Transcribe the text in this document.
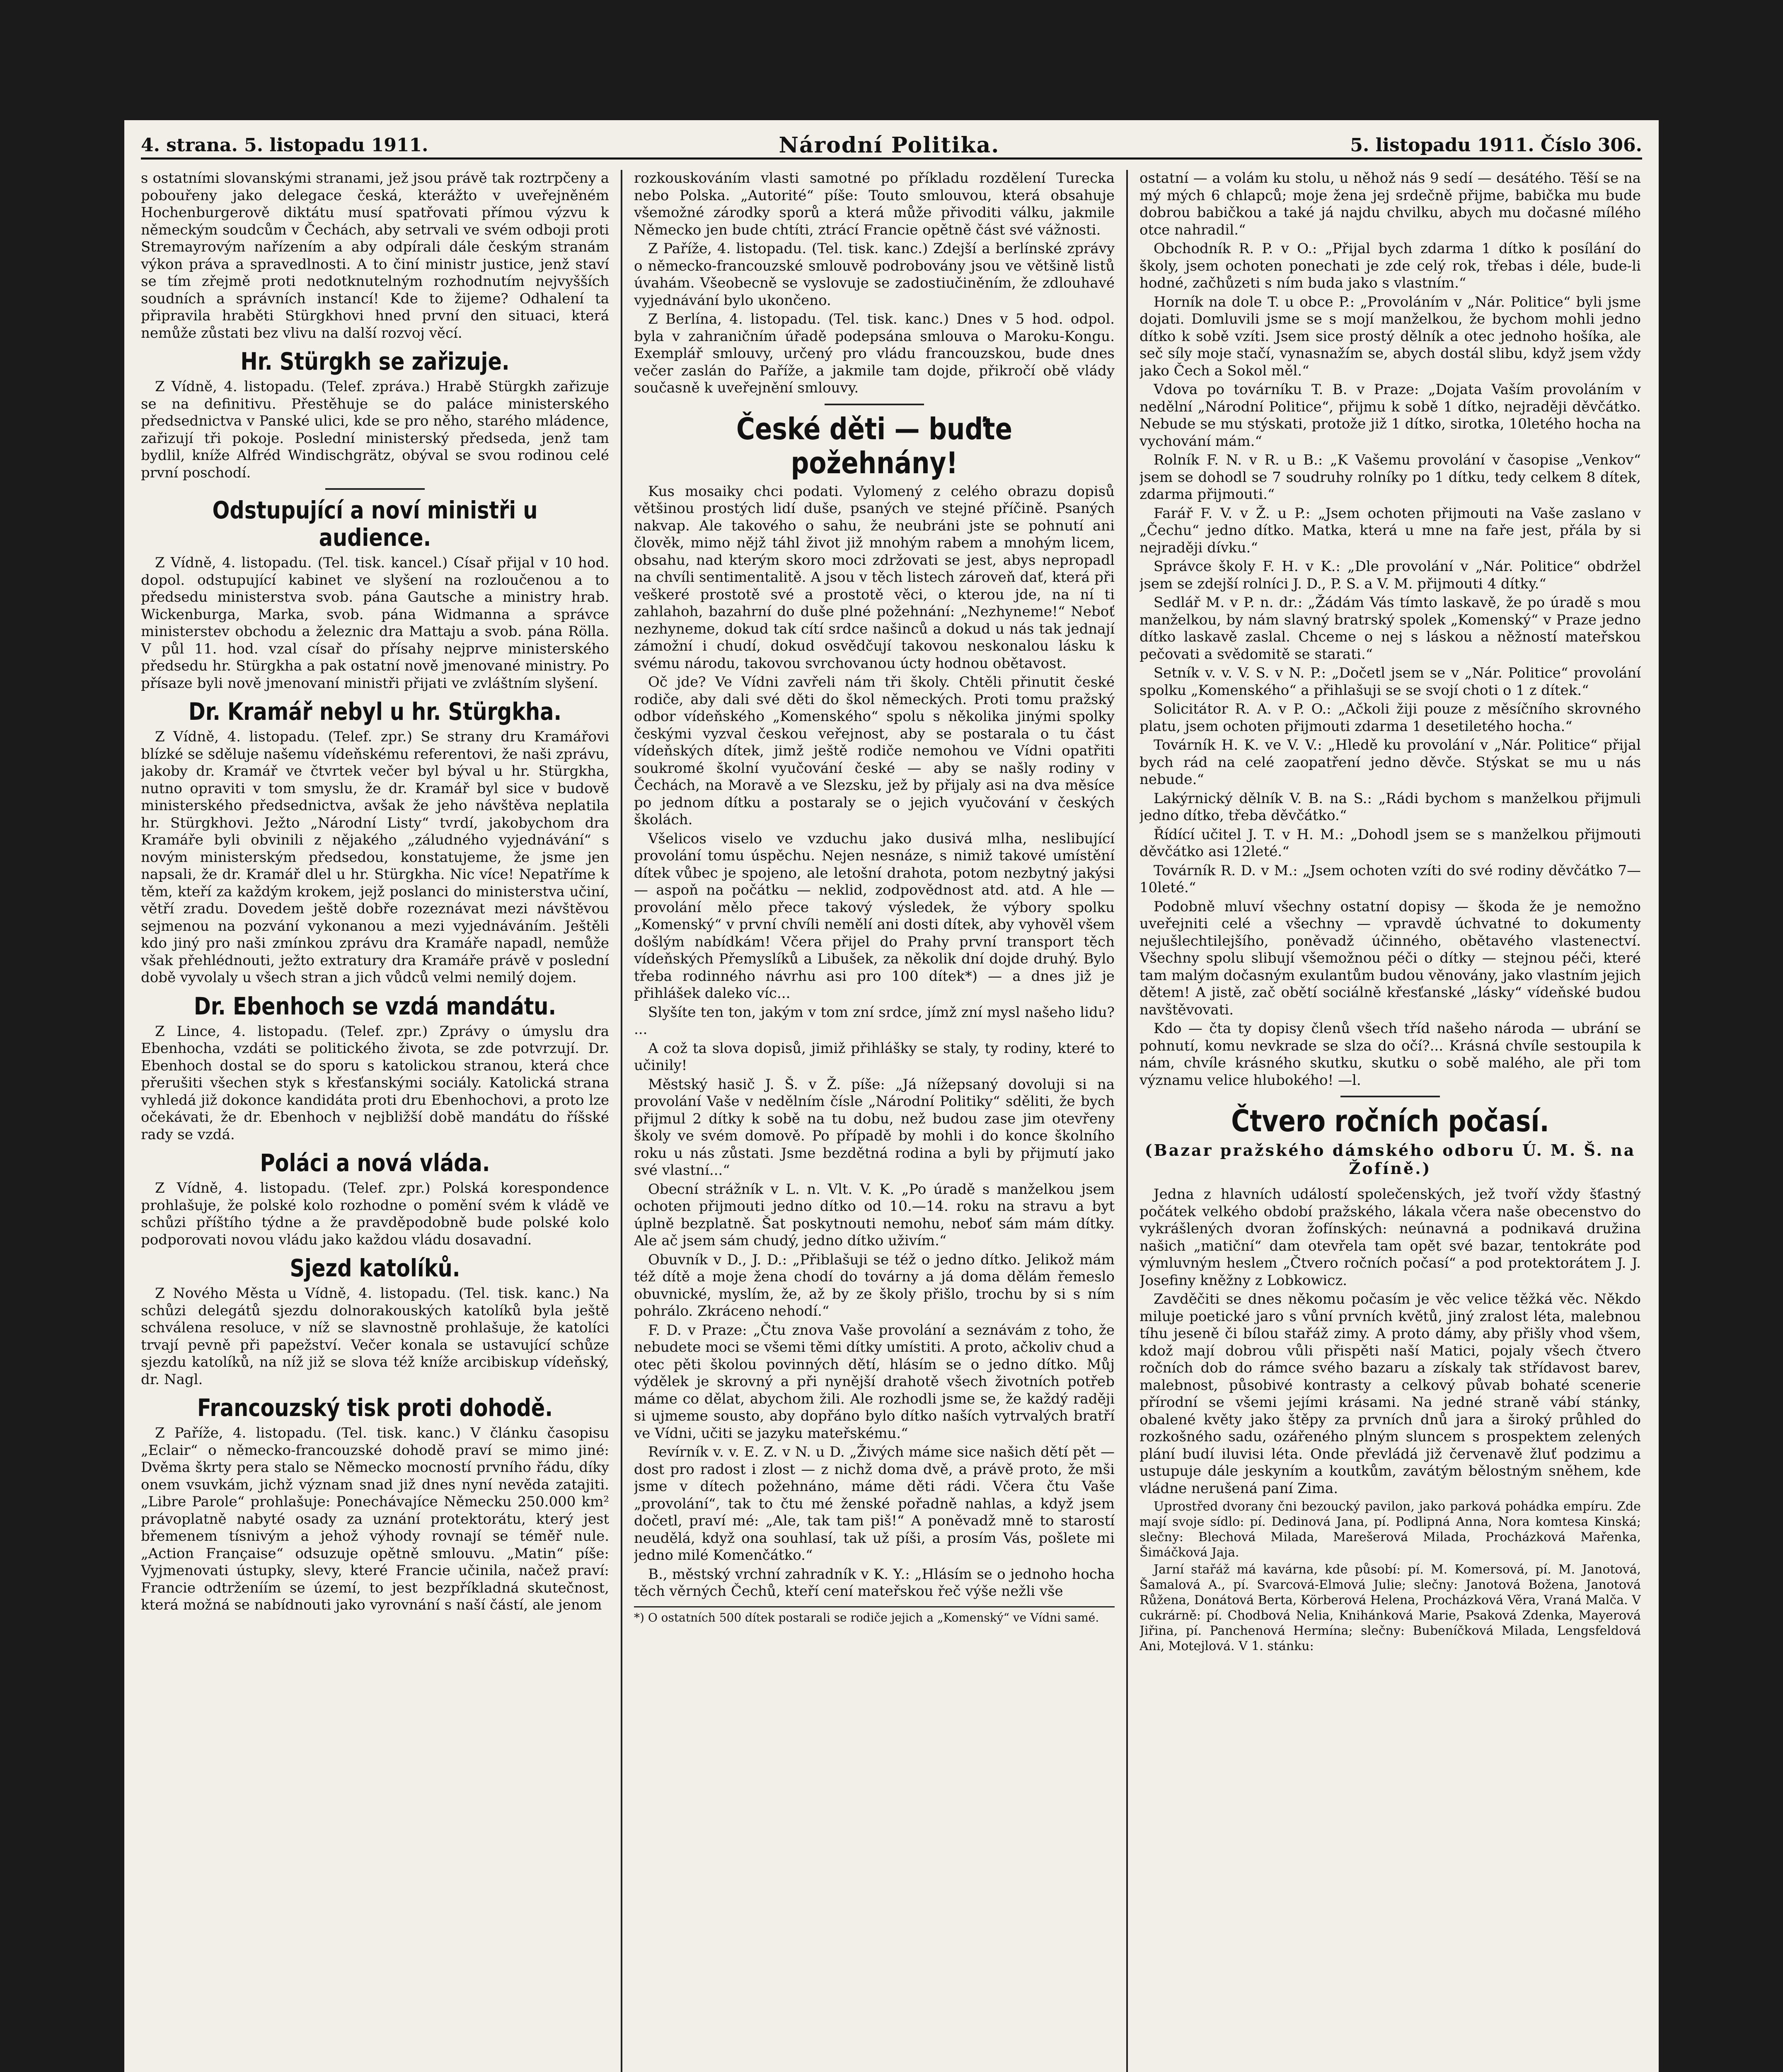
4. strana. 5. listopadu 1911.	Národní Politika.	5. listopadu 1911. Číslo 306.

s ostatními slovanskými stranami, jež jsou právě tak roztrpčeny a pobouřeny jako delegace česká, kterážto v uveřejněném Hochenburgerově diktátu musí spatřovati přímou výzvu k německým soudcům v Čechách, aby setrvali ve svém odboji proti Stremayrovým nařízením a aby odpírali dále českým stranám výkon práva a spravedlnosti. A to činí ministr justice, jenž staví se tím zřejmě proti nedotknutelným rozhodnutím nejvyšších soudních a správních instancí! Kde to žijeme? Odhalení ta připravila hraběti Stürgkhovi hned první den situaci, která nemůže zůstati bez vlivu na další rozvoj věcí.

Hr. Stürgkh se zařizuje.

Z Vídně, 4. listopadu. (Telef. zpráva.) Hrabě Stürgkh zařizuje se na definitivu. Přestěhuje se do paláce ministerského předsednictva v Panské ulici, kde se pro něho, starého mládence, zařizují tři pokoje. Poslední ministerský předseda, jenž tam bydlil, kníže Alfréd Windischgrätz, obýval se svou rodinou celé první poschodí.

Odstupující a noví ministři u audience.

Z Vídně, 4. listopadu. (Tel. tisk. kancel.) Císař přijal v 10 hod. dopol. odstupující kabinet ve slyšení na rozloučenou a to předsedu ministerstva svob. pána Gautsche a ministry hrab. Wickenburga, Marka, svob. pána Widmanna a správce ministerstev obchodu a železnic dra Mattaju a svob. pána Rölla. V půl 11. hod. vzal císař do přísahy nejprve ministerského předsedu hr. Stürgkha a pak ostatní nově jmenované ministry. Po přísaze byli nově jmenovaní ministři přijati ve zvláštním slyšení.

Dr. Kramář nebyl u hr. Stürgkha.

Z Vídně, 4. listopadu. (Telef. zpr.) Se strany dru Kramářovi blízké se sděluje našemu vídeňskému referentovi, že naši zprávu, jakoby dr. Kramář ve čtvrtek večer byl býval u hr. Stürgkha, nutno opraviti v tom smyslu, že dr. Kramář byl sice v budově ministerského předsednictva, avšak že jeho návštěva neplatila hr. Stürgkhovi. Ježto „Národní Listy“ tvrdí, jakobychom dra Kramáře byli obvinili z nějakého „záludného vyjednávání“ s novým ministerským předsedou, konstatujeme, že jsme jen napsali, že dr. Kramář dlel u hr. Stürgkha. Nic více! Nepatříme k těm, kteří za každým krokem, jejž poslanci do ministerstva učiní, větří zradu. Dovedem ještě dobře rozeznávat mezi návštěvou sejmenou na pozvání vykonanou a mezi vyjednáváním. Ještěli kdo jiný pro naši zmínkou zprávu dra Kramáře napadl, nemůže však přehlédnouti, ježto extratury dra Kramáře právě v poslední době vyvolaly u všech stran a jich vůdců velmi nemilý dojem.

Dr. Ebenhoch se vzdá mandátu.

Z Lince, 4. listopadu. (Telef. zpr.) Zprávy o úmyslu dra Ebenhocha, vzdáti se politického života, se zde potvrzují. Dr. Ebenhoch dostal se do sporu s katolickou stranou, která chce přerušiti všechen styk s křesťanskými sociály. Katolická strana vyhledá již dokonce kandidáta proti dru Ebenhochovi, a proto lze očekávati, že dr. Ebenhoch v nejbližší době mandátu do říšské rady se vzdá.

Poláci a nová vláda.

Z Vídně, 4. listopadu. (Telef. zpr.) Polská korespondence prohlašuje, že polské kolo rozhodne o pomění svém k vládě ve schůzi příštího týdne a že pravděpodobně bude polské kolo podporovati novou vládu jako každou vládu dosavadní.

Sjezd katolíků.

Z Nového Města u Vídně, 4. listopadu. (Tel. tisk. kanc.) Na schůzi delegátů sjezdu dolnorakouských katolíků byla ještě schválena resoluce, v níž se slavnostně prohlašuje, že katolíci trvají pevně při papežství. Večer konala se ustavující schůze sjezdu katolíků, na níž již se slova též kníže arcibiskup vídeňský, dr. Nagl.

Francouzský tisk proti dohodě.

Z Paříže, 4. listopadu. (Tel. tisk. kanc.) V článku časopisu „Eclair“ o německo-francouzské dohodě praví se mimo jiné: Dvěma škrty pera stalo se Německo mocností prvního řádu, díky onem vsuvkám, jichž význam snad již dnes nyní nevěda zatajiti. „Libre Parole“ prohlašuje: Ponechávajíce Německu 250.000 km² právoplatně nabyté osady za uznání protektorátu, který jest břemenem tísnivým a jehož výhody rovnají se téměř nule. „Action Française“ odsuzuje opětně smlouvu. „Matin“ píše: Vyjmenovati ústupky, slevy, které Francie učinila, načež praví: Francie odtrženíím se území, to jest bezpříkladná skutečnost, která možná se nabídnouti jako vyrovnání s naší částí, ale jenom

rozkouskováním vlasti samotné po příkladu rozdělení Turecka nebo Polska. „Autorité“ píše: Touto smlouvou, která obsahuje všemožné zárodky sporů a která může přivoditi válku, jakmile Německo jen bude chtíti, ztrácí Francie opětně část své vážnosti.

Z Paříže, 4. listopadu. (Tel. tisk. kanc.) Zdejší a berlínské zprávy o německo-francouzské smlouvě podrobovány jsou ve většině listů úvahám. Všeobecně se vyslovuje se zadostiučiněním, že zdlouhavé vyjednávání bylo ukončeno.

Z Berlína, 4. listopadu. (Tel. tisk. kanc.) Dnes v 5 hod. odpol. byla v zahraničním úřadě podepsána smlouva o Maroku-Kongu. Exemplář smlouvy, určený pro vládu francouzskou, bude dnes večer zaslán do Paříže, a jakmile tam dojde, přikročí obě vlády současně k uveřejnění smlouvy.

České děti — buďte požehnány!

Kus mosaiky chci podati. Vylomený z celého obrazu dopisů většinou prostých lidí duše, psaných ve stejné příčině. Psaných nakvap. Ale takového o sahu, že neubráni jste se pohnutí ani člověk, mimo nějž táhl život již mnohým rabem a mnohým licem, obsahu, nad kterým skoro moci zdržovati se jest, abys nepropadl na chvíli sentimentalitě. A jsou v těch listech zároveň dať, která při veškeré prostotě své a prostotě věci, o kterou jde, na ní ti zahlahoh, bazahrní do duše plné požehnání: „Nezhyneme!“ Neboť nezhyneme, dokud tak cítí srdce našinců a dokud u nás tak jednají zámožní i chudí, dokud osvědčují takovou neskonalou lásku k svému národu, takovou svrchovanou úcty hodnou obětavost.

Oč jde? Ve Vídni zavřeli nám tři školy. Chtěli přinutit české rodiče, aby dali své děti do škol německých. Proti tomu pražský odbor vídeňského „Komenského“ spolu s několika jinými spolky českými vyzval českou veřejnost, aby se postarala o tu část vídeňských dítek, jimž ještě rodiče nemohou ve Vídni opatřiti soukromé školní vyučování české — aby se našly rodiny v Čechách, na Moravě a ve Slezsku, jež by přijaly asi na dva měsíce po jednom dítku a postaraly se o jejich vyučování v českých školách.

Všelicos viselo ve vzduchu jako dusivá mlha, neslibující provolání tomu úspěchu. Nejen nesnáze, s nimiž takové umístění dítek vůbec je spojeno, ale letošní drahota, potom nezbytný jakýsi — aspoň na počátku — neklid, zodpovědnost atd. atd. A hle — provolání mělo přece takový výsledek, že výbory spolku „Komenský“ v první chvíli nemělí ani dosti dítek, aby vyhověl všem došlým nabídkám! Včera přijel do Prahy první transport těch vídeňských Přemyslíků a Libušek, za několik dní dojde druhý. Bylo třeba rodinného návrhu asi pro 100 dítek*) — a dnes již je přihlášek daleko víc...

Slyšíte ten ton, jakým v tom zní srdce, jímž zní mysl našeho lidu? ...

A což ta slova dopisů, jimiž přihlášky se staly, ty rodiny, které to učinily!

Městský hasič J. Š. v Ž. píše: „Já nížepsaný dovoluji si na provolání Vaše v nedělním čísle „Národní Politiky“ sděliti, že bych přijmul 2 dítky k sobě na tu dobu, než budou zase jim otevřeny školy ve svém domově. Po případě by mohli i do konce školního roku u nás zůstati. Jsme bezdětná rodina a byli by přijmutí jako své vlastní...“

Obecní strážník v L. n. Vlt. V. K. „Po úradě s manželkou jsem ochoten přijmouti jedno dítko od 10.—14. roku na stravu a byt úplně bezplatně. Šat poskytnouti nemohu, neboť sám mám dítky. Ale ač jsem sám chudý, jedno dítko uživím.“

Obuvník v D., J. D.: „Přiblašuji se též o jedno dítko. Jelikož mám též dítě a moje žena chodí do továrny a já doma dělám řemeslo obuvnické, myslím, že, až by ze školy přišlo, trochu by si s ním pohrálo. Zkráceno nehodí.“

F. D. v Praze: „Čtu znova Vaše provolání a seznávám z toho, že nebudete moci se všemi těmi dítky umístiti. A proto, ačkoliv chud a otec pěti školou povinných dětí, hlásím se o jedno dítko. Můj výdělek je skrovný a při nynější drahotě všech životních potřeb máme co dělat, abychom žili. Ale rozhodli jsme se, že každý raději si ujmeme sousto, aby dopřáno bylo dítko naších vytrvalých bratří ve Vídni, učiti se jazyku mateřskému.“

Revírník v. v. E. Z. v N. u D. „Živých máme sice našich dětí pět — dost pro radost i zlost — z nichž doma dvě, a právě proto, že mši jsme v dítech požehnáno, máme děti rádi. Včera čtu Vaše „provolání“, tak to čtu mé ženské pořadně nahlas, a když jsem dočetl, praví mé: „Ale, tak tam piš!“ A poněvadž mně to starostí neudělá, když ona souhlasí, tak už píši, a prosím Vás, pošlete mi jedno milé Komenčátko.“

B., městský vrchní zahradník v K. Y.: „Hlásím se o jednoho hocha těch věrných Čechů, kteří cení mateřskou řeč výše nežli vše

*) O ostatních 500 dítek postarali se rodiče jejich a „Komenský“ ve Vídni samé.

ostatní — a volám ku stolu, u něhož nás 9 sedí — desátého. Těší se na mý mých 6 chlapců; moje žena jej srdečně přijme, babička mu bude dobrou babičkou a také já najdu chvilku, abych mu dočasné mílého otce nahradil.“

Obchodník R. P. v O.: „Přijal bych zdarma 1 dítko k posílání do školy, jsem ochoten ponechati je zde celý rok, třebas i déle, bude-li hodné, začhůzeti s ním buda jako s vlastním.“

Horník na dole T. u obce P.: „Provoláním v „Nár. Politice“ byli jsme dojati. Domluvili jsme se s mojí manželkou, že bychom mohli jedno dítko k sobě vzíti. Jsem sice prostý dělník a otec jednoho hošíka, ale seč síly moje stačí, vynasnažím se, abych dostál slibu, když jsem vždy jako Čech a Sokol měl.“

Vdova po továrníku T. B. v Praze: „Dojata Vaším provoláním v nedělní „Národní Politice“, přijmu k sobě 1 dítko, nejraději děvčátko. Nebude se mu stýskati, protože již 1 dítko, sirotka, 10letého hocha na vychování mám.“

Rolník F. N. v R. u B.: „K Vašemu provolání v časopise „Venkov“ jsem se dohodl se 7 soudruhy rolníky po 1 dítku, tedy celkem 8 dítek, zdarma přijmouti.“

Farář F. V. v Ž. u P.: „Jsem ochoten přijmouti na Vaše zaslano v „Čechu“ jedno dítko. Matka, která u mne na faře jest, přála by si nejraději dívku.“

Správce školy F. H. v K.: „Dle provolání v „Nár. Politice“ obdržel jsem se zdejší rolníci J. D., P. S. a V. M. přijmouti 4 dítky.“

Sedlář M. v P. n. dr.: „Žádám Vás tímto laskavě, že po úradě s mou manželkou, by nám slavný bratrský spolek „Komenský“ v Praze jedno dítko laskavě zaslal. Chceme o nej s láskou a něžností mateřskou pečovati a svědomitě se starati.“

Setník v. v. V. S. v N. P.: „Dočetl jsem se v „Nár. Politice“ provolání spolku „Komenského“ a přihlašuji se se svojí choti o 1 z dítek.“

Solicitátor R. A. v P. O.: „Ačkoli žiji pouze z měsíčního skrovného platu, jsem ochoten přijmouti zdarma 1 desetiletého hocha.“

Továrník H. K. ve V. V.: „Hledě ku provolání v „Nár. Politice“ přijal bych rád na celé zaopatření jedno děvče. Stýskat se mu u nás nebude.“

Lakýrnický dělník V. B. na S.: „Rádi bychom s manželkou přijmuli jedno dítko, třeba děvčátko.“

Řídící učitel J. T. v H. M.: „Dohodl jsem se s manželkou přijmouti děvčátko asi 12leté.“

Továrník R. D. v M.: „Jsem ochoten vzíti do své rodiny děvčátko 7—10leté.“

Podobně mluví všechny ostatní dopisy — škoda že je nemožno uveřejniti celé a všechny — vpravdě úchvatné to dokumenty nejušlechtilejšího, poněvadž účinného, obětavého vlastenectví. Všechny spolu slibují všemožnou péči o dítky — stejnou péči, které tam malým dočasným exulantům budou věnovány, jako vlastním jejich dětem! A jistě, zač obětí sociálně křesťanské „lásky“ vídeňské budou navštěvovati.

Kdo — čta ty dopisy členů všech tříd našeho národa — ubrání se pohnutí, komu nevkrade se slza do očí?... Krásná chvíle sestoupila k nám, chvíle krásného skutku, skutku o sobě malého, ale při tom významu velice hlubokého! —l.

Čtvero ročních počasí.
(Bazar pražského dámského odboru Ú. M. Š. na Žofíně.)

Jedna z hlavních událostí společenských, jež tvoří vždy šťastný počátek velkého období pražského, lákala včera naše obecenstvo do vykrášlených dvoran žofínských: neúnavná a podnikavá družina našich „matiční“ dam otevřela tam opět své bazar, tentokráte pod výmluvným heslem „Čtvero ročních počasí“ a pod protektorátem J. J. Josefiny kněžny z Lobkowicz.

Zavděčiti se dnes někomu počasím je věc velice těžká věc. Někdo miluje poetické jaro s vůní prvních květů, jiný zralost léta, malebnou tíhu jeseně či bílou stařáž zimy. A proto dámy, aby přišly vhod všem, kdož mají dobrou vůli přispěti naší Matici, pojaly všech čtvero ročních dob do rámce svého bazaru a získaly tak střídavost barev, malebnost, působivé kontrasty a celkový půvab bohaté scenerie přírodní se všemi jejími krásami. Na jedné straně vábí stánky, obalené květy jako štěpy za prvních dnů jara a široký průhled do rozkošného sadu, ozářeného plným sluncem s prospektem zelených plání budí iluvisi léta. Onde převládá již červenavě žluť podzimu a ustupuje dále jeskyním a koutkům, zavátým bělostným sněhem, kde vládne nerušená paní Zima.

Uprostřed dvorany čni bezoucký pavilon, jako parková pohádka empíru. Zde mají svoje sídlo: pí. Dedinová Jana, pí. Podlipná Anna, Nora komtesa Kinská; slečny: Blechová Milada, Marešerová Milada, Procházková Mařenka, Šimáčková Jaja.

Jarní stařáž má kavárna, kde působí: pí. M. Komersová, pí. M. Janotová, Šamalová A., pí. Svarcová-Elmová Julie; slečny: Janotová Božena, Janotová Růžena, Donátová Berta, Körberová Helena, Procházková Věra, Vraná Malča. V cukrárně: pí. Chodbová Nelia, Knihánková Marie, Psaková Zdenka, Mayerová Jiřina, pí. Panchenová Hermína; slečny: Bubeníčková Milada, Lengsfeldová Ani, Motejlová. V 1. stánku:
